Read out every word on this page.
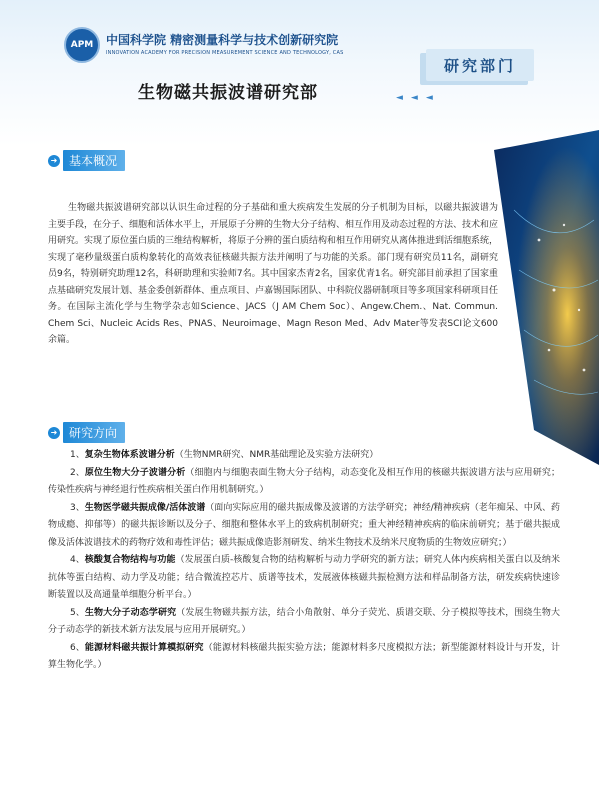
APM	中国科学院 精密测量科学与技术创新研究院
INNOVATION ACADEMY FOR PRECISION MEASUREMENT SCIENCE AND TECHNOLOGY, CAS
研究部门
生物磁共振波谱研究部	◄◄◄
➜ 基本概况
生物磁共振波谱研究部以认识生命过程的分子基础和重大疾病发生发展的分子机制为目标，以磁共振波谱为主要手段，在分子、细胞和活体水平上，开展原子分辨的生物大分子结构、相互作用及动态过程的方法、技术和应用研究。实现了原位蛋白质的三维结构解析，将原子分辨的蛋白质结构和相互作用研究从离体推进到活细胞系统，实现了毫秒量级蛋白质构象转化的高效表征核磁共振方法并阐明了与功能的关系。部门现有研究员11名，副研究员9名，特别研究助理12名，科研助理和实验师7名。其中国家杰青2名，国家优青1名。研究部目前承担了国家重点基础研究发展计划、基金委创新群体、重点项目、卢嘉锡国际团队、中科院仪器研制项目等多项国家科研项目任务。在国际主流化学与生物学杂志如Science、JACS（J AM Chem Soc）、Angew.Chem.、Nat. Commun. Chem Sci、Nucleic Acids Res、PNAS、Neuroimage、Magn Reson Med、Adv Mater等发表SCI论文600余篇。
➜ 研究方向
1、复杂生物体系波谱分析（生物NMR研究、NMR基础理论及实验方法研究）
2、原位生物大分子波谱分析（细胞内与细胞表面生物大分子结构，动态变化及相互作用的核磁共振波谱方法与应用研究；传染性疾病与神经退行性疾病相关蛋白作用机制研究。）
3、生物医学磁共振成像/活体波谱（面向实际应用的磁共振成像及波谱的方法学研究；神经/精神疾病（老年痴呆、中风、药物成瘾、抑郁等）的磁共振诊断以及分子、细胞和整体水平上的致病机制研究；重大神经精神疾病的临床前研究；基于磁共振成像及活体波谱技术的药物疗效和毒性评估；磁共振成像造影剂研发、纳米生物技术及纳米尺度物质的生物效应研究；）
4、核酸复合物结构与功能（发展蛋白质-核酸复合物的结构解析与动力学研究的新方法；研究人体内疾病相关蛋白以及纳米抗体等蛋白结构、动力学及功能；结合微流控芯片、质谱等技术，发展液体核磁共振检测方法和样品制备方法，研发疾病快速诊断装置以及高通量单细胞分析平台。）
5、生物大分子动态学研究（发展生物磁共振方法，结合小角散射、单分子荧光、质谱交联、分子模拟等技术，围绕生物大分子动态学的新技术新方法发展与应用开展研究。）
6、能源材料磁共振计算模拟研究（能源材料核磁共振实验方法；能源材料多尺度模拟方法；新型能源材料设计与开发，计算生物化学。）
